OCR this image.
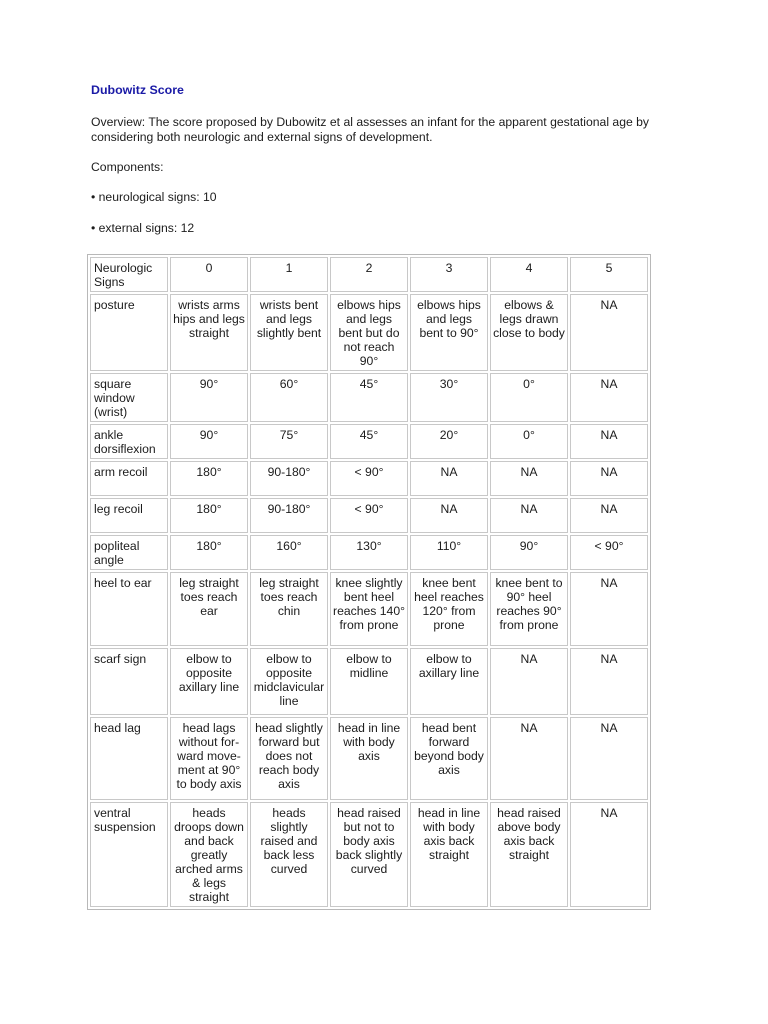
Dubowitz Score

Overview: The score proposed by Dubowitz et al assesses an infant for the apparent gestational age by considering both neurologic and external signs of development.

Components:

• neurological signs: 10

• external signs: 12

Neurologic Signs	0	1	2	3	4	5
posture	wrists arms hips and legs straight	wrists bent and legs slightly bent	elbows hips and legs bent but do not reach 90°	elbows hips and legs bent to 90°	elbows & legs drawn close to body	NA
square window (wrist)	90°	60°	45°	30°	0°	NA
ankle dorsiflexion	90°	75°	45°	20°	0°	NA
arm recoil	180°	90-180°	< 90°	NA	NA	NA
leg recoil	180°	90-180°	< 90°	NA	NA	NA
popliteal angle	180°	160°	130°	110°	90°	< 90°
heel to ear	leg straight toes reach ear	leg straight toes reach chin	knee slightly bent heel reaches 140° from prone	knee bent heel reaches 120° from prone	knee bent to 90° heel reaches 90° from prone	NA
scarf sign	elbow to opposite axillary line	elbow to opposite midclavicular line	elbow to midline	elbow to axillary line	NA	NA
head lag	head lags without for-ward move-ment at 90° to body axis	head slightly forward but does not reach body axis	head in line with body axis	head bent forward beyond body axis	NA	NA
ventral suspension	heads droops down and back greatly arched arms & legs straight	heads slightly raised and back less curved	head raised but not to body axis back slightly curved	head in line with body axis back straight	head raised above body axis back straight	NA
